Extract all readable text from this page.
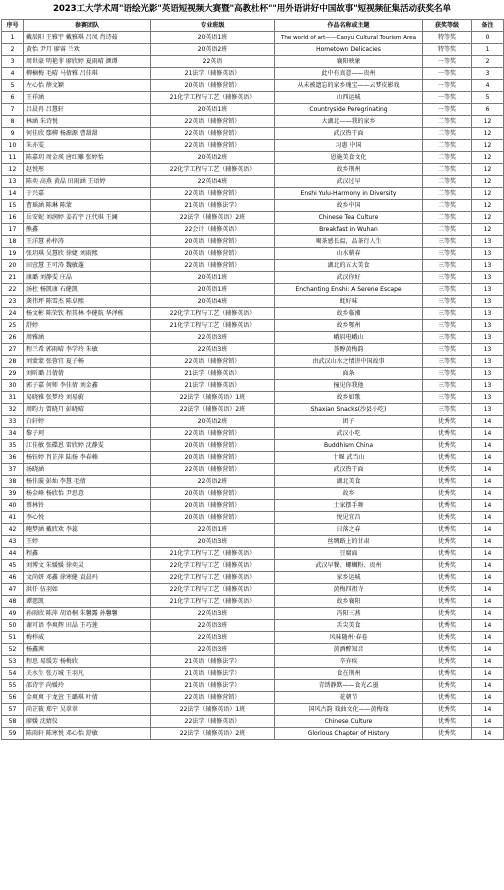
2023工大学术周"语绘光影"英语短视频大赛暨"高教杜杯""用外语讲好中国故事"短视频征集活动获奖名单
序号	参赛团队	专业班级	作品名称或主题	获奖等级	备注
1	戴辰阳 王雅宇 戴雅琪 吕凤 肖诗茹	20英语1班	The world of art——Caoyu Cultural Tourism Area	特等奖	0
2	黄怡 尹月 廖睿 兰欢	20英语2班	Hometown Delicacies	特等奖	1
3	周世豪 明艳菲 廖欣婷 夏雨晴 颜谭	22英语	襄阳映象	一等奖	2
4	柳楠梅 毛晴 马倩雅 吕佳琪	21法学（辅修英语）	此中有真意——贵州	一等奖	3
5	左心怡 薛文颖	20英语（辅修营销）	从未被遗忘的家乡瑰宝——云梦皮影戏	一等奖	4
6	王祥涵	21化学工程与工艺（辅修英语）	山西运城	一等奖	5
7	吕晨冉 吕慧轩	20英语1班	Countryside Peregrinating	一等奖	6
8	林涵 朱诗悦	22英语（辅修营销）	大湖北——我的家乡	二等奖	12
9	何佳欣 鄢柳 杨源源 曹甜甜	22英语（辅修营销）	武汉热干面	二等奖	12
10	朱亦雯	22英语（辅修营销）	习惠 中国	二等奖	12
11	陈嘉玥 周金瑛 唐红雕 张婷怡	20英语2班	恩施美食文化	二等奖	12
12	赵悦彤	22化学工程与工艺（辅修英语）	故乡荆州	二等奖	12
13	陈奕 高燕 黄晶 田雨涵 王语婷	22英语4班	武汉过早	二等奖	12
14	于兴嘉	22英语（辅修营销）	Enshi Yulu-Harmony in Diversity	二等奖	12
15	曹瑶涵 陈琳 陈蒙	21英语（辅修法学）	故乡中国	二等奖	12
16	岳安妮 刘润婷 姜若宇 汪代琪 王澜	22法学（辅修英语）2班	Chinese Tea Culture	二等奖	12
17	熊鑫	22会计（辅修英语）	Breakfast in Wuhan	二等奖	12
18	王洋慧 孙梓涛	20英语（辅修营销）	喝茶感长温，品茶行人生	三等奖	13
19	张玥琪 吴慧欣 徐婕 刘雨熙	20英语（辅修营销）	山水蕲春	三等奖	13
20	田萱慧 王可涛 魏敏蓬	22英语（辅修营销）	湖北的五大美食	三等奖	13
21	康璐 刘静雯 庄晶	20英语1班	武汉你好	三等奖	13
22	汤杜 杨凯康 石健凯	20英语1班	Enchanting Enshi: A Serene Escape	三等奖	13
23	龚伟坪 陈雪杰 陈卓熙	20英语4班	蚝好味	三等奖	13
24	杨文彬 陈荣钦 程其林 李健航 华泽栋	22化学工程与工艺（辅修英语）	故乡临湘	三等奖	13
25	舒婷	21化学工程与工艺（辅修英语）	故乡鄂州	三等奖	13
26	周雅涵	22英语3班	峨眉电峨山	三等奖	13
27	程兰希 郭雨晴 李学玲 朱敏	22英语3班	荟醇黄梅韵	三等奖	13
28	刘蒙蒙 张蓉宜 夏子畅	22英语（辅修营销）	由武汉山水之情讲中国故事	三等奖	13
29	刘昕璐 吕倩倩	21法学（辅修英语）	面条	三等奖	13
30	郭子嘉 何师 李佳倩 刘金鑫	21法学（辅修英语）	撞见你我他	三等奖	13
31	易晓雅 张梦玲 刘易蔚	22法学（辅修英语）1班	故乡如歌	三等奖	13
32	周昀力 曾晓月 彭晓晴	22法学（辅修英语）2班	Shaxian Snacks(沙县小吃)	三等奖	13
33	白轩婷	20英语2班	团子	优秀奖	14
34	黎子珂	22英语（辅修营销）	武汉小吃	优秀奖	14
35	江佳敏 张碟恩 雷欣婷 沈静雯	20英语（辅修营销）	Buddhism China	优秀奖	14
36	杨钰婷 肖芷萍 陆扬 李春赖	20英语（辅修营销）	十堰 武当山	优秀奖	14
37	汤晓涵	22英语（辅修营销）	武汉热干面	优秀奖	14
38	杨佳璇 彭灿 李慧 毛倩	22英语2班	湖北美食	优秀奖	14
39	杨金峰 杨欣怡 尹思意	20英语（辅修营销）	故乡	优秀奖	14
40	蔡林铃	20英语（辅修营销）	土家摆手舞	优秀奖	14
41	李心悦	20英语（辅修营销）	悦见宜昌	优秀奖	14
42	鲍梦涵 戴欣欢 李蕊	22英语1班	日落之春	优秀奖	14
43	王婷	20英语3班	丝绸路上的甘肃	优秀奖	14
44	程鑫	21化学工程与工艺（辅修英语）	豆腐面	优秀奖	14
45	刘博文 朱媛媛 徐奕灵	22化学工程与工艺（辅修英语）	武汉早餐、螺蛳粉、贵州	优秀奖	14
46	文尚妍 邓鑫 徐寒健 袁晨玛	22化学工程与工艺（辅修英语）	家乡运城	优秀奖	14
47	洪仟 伍羽如	22化学工程与工艺（辅修英语）	黄梅四祖寺	优秀奖	14
48	谭慈凯	21化学工程与工艺（辅修英语）	故乡襄阳	优秀奖	14
49	孙雨欣 陈萍 胡语桐 朱馨露 孙馨馨	22英语3班	冯阳三燕	优秀奖	14
50	谢可语 李爽辉 田晶 王巧莲	22英语3班	舌尖美食	优秀奖	14
51	梅梓威	22英语3班	风味随州·春卷	优秀奖	14
52	杨鑫茜	22英语3班	黄酒醉知音	优秀奖	14
53	程思 易缓芳 杨梅欣	21英语（辅修法学）	辛弃疾	优秀奖	14
54	关水生 张万城 王羽凡	21英语（辅修法学）	食在荆州	优秀奖	14
55	邵诗宇 尚媛玲	21英语（辅修法学）	青绣静默——食光乙墨	优秀奖	14
56	金爽爽 于龙萱 王璐琪 叶倩	22英语（辅修营销）	花朝节	优秀奖	14
57	尚芷筱 郑宁 吴翠翠	22法学（辅修英语）1班	国风古韵 戏曲文化——黄梅戏	优秀奖	14
58	廖媛 沈婧仪	22法学（辅修英语）	Chinese Culture	优秀奖	14
59	陈雨轩 陈寒悦 邓心怡 舒敏	22法学（辅修英语）2班	Glorious Chapter of History	优秀奖	14
